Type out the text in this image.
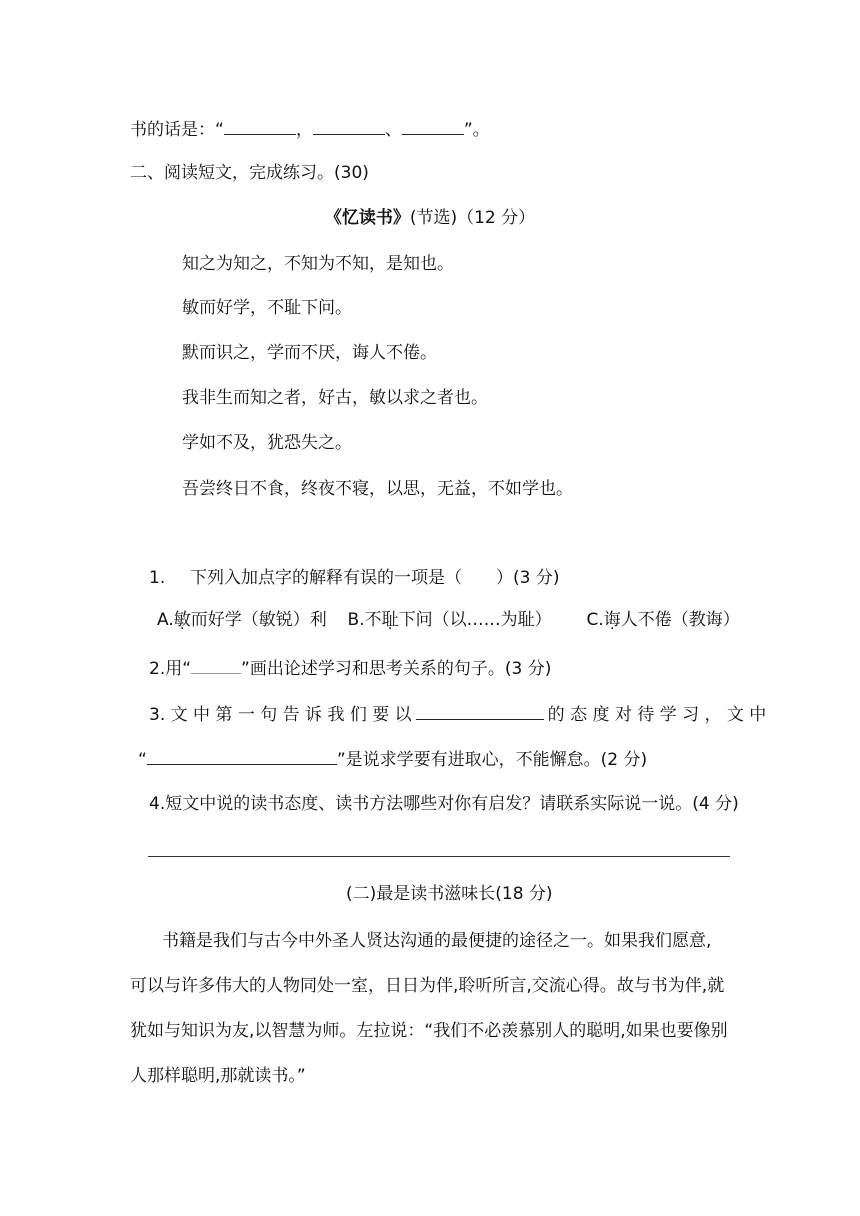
书的话是：“	，	、	”。
二、阅读短文，完成练习。(30)
《忆读书》(节选)（12 分）
知之为知之，不知为不知，是知也。
敏而好学，不耻下问。
默而识之，学而不厌，诲人不倦。
我非生而知之者，好古，敏以求之者也。
学如不及，犹恐失之。
吾尝终日不食，终夜不寝，以思，无益，不如学也。
1. 下列入加点字的解释有误的一项是（　　）(3 分)
A.敏而好学（敏锐）利 B.不耻下问（以……为耻） C.诲人不倦（教诲）
2.用“	”画出论述学习和思考关系的句子。(3 分)
3. 文 中 第 一 句 告 诉 我 们 要 以	的 态 度 对 待 学 习 ， 文 中
“	”是说求学要有进取心，不能懈怠。(2 分)
4.短文中说的读书态度、读书方法哪些对你有启发？请联系实际说一说。(4 分)
(二)最是读书滋味长(18 分)
书籍是我们与古今中外圣人贤达沟通的最便捷的途径之一。如果我们愿意,
可以与许多伟大的人物同处一室，日日为伴,聆听所言,交流心得。故与书为伴,就
犹如与知识为友,以智慧为师。左拉说：“我们不必羡慕别人的聪明,如果也要像别
人那样聪明,那就读书。”
